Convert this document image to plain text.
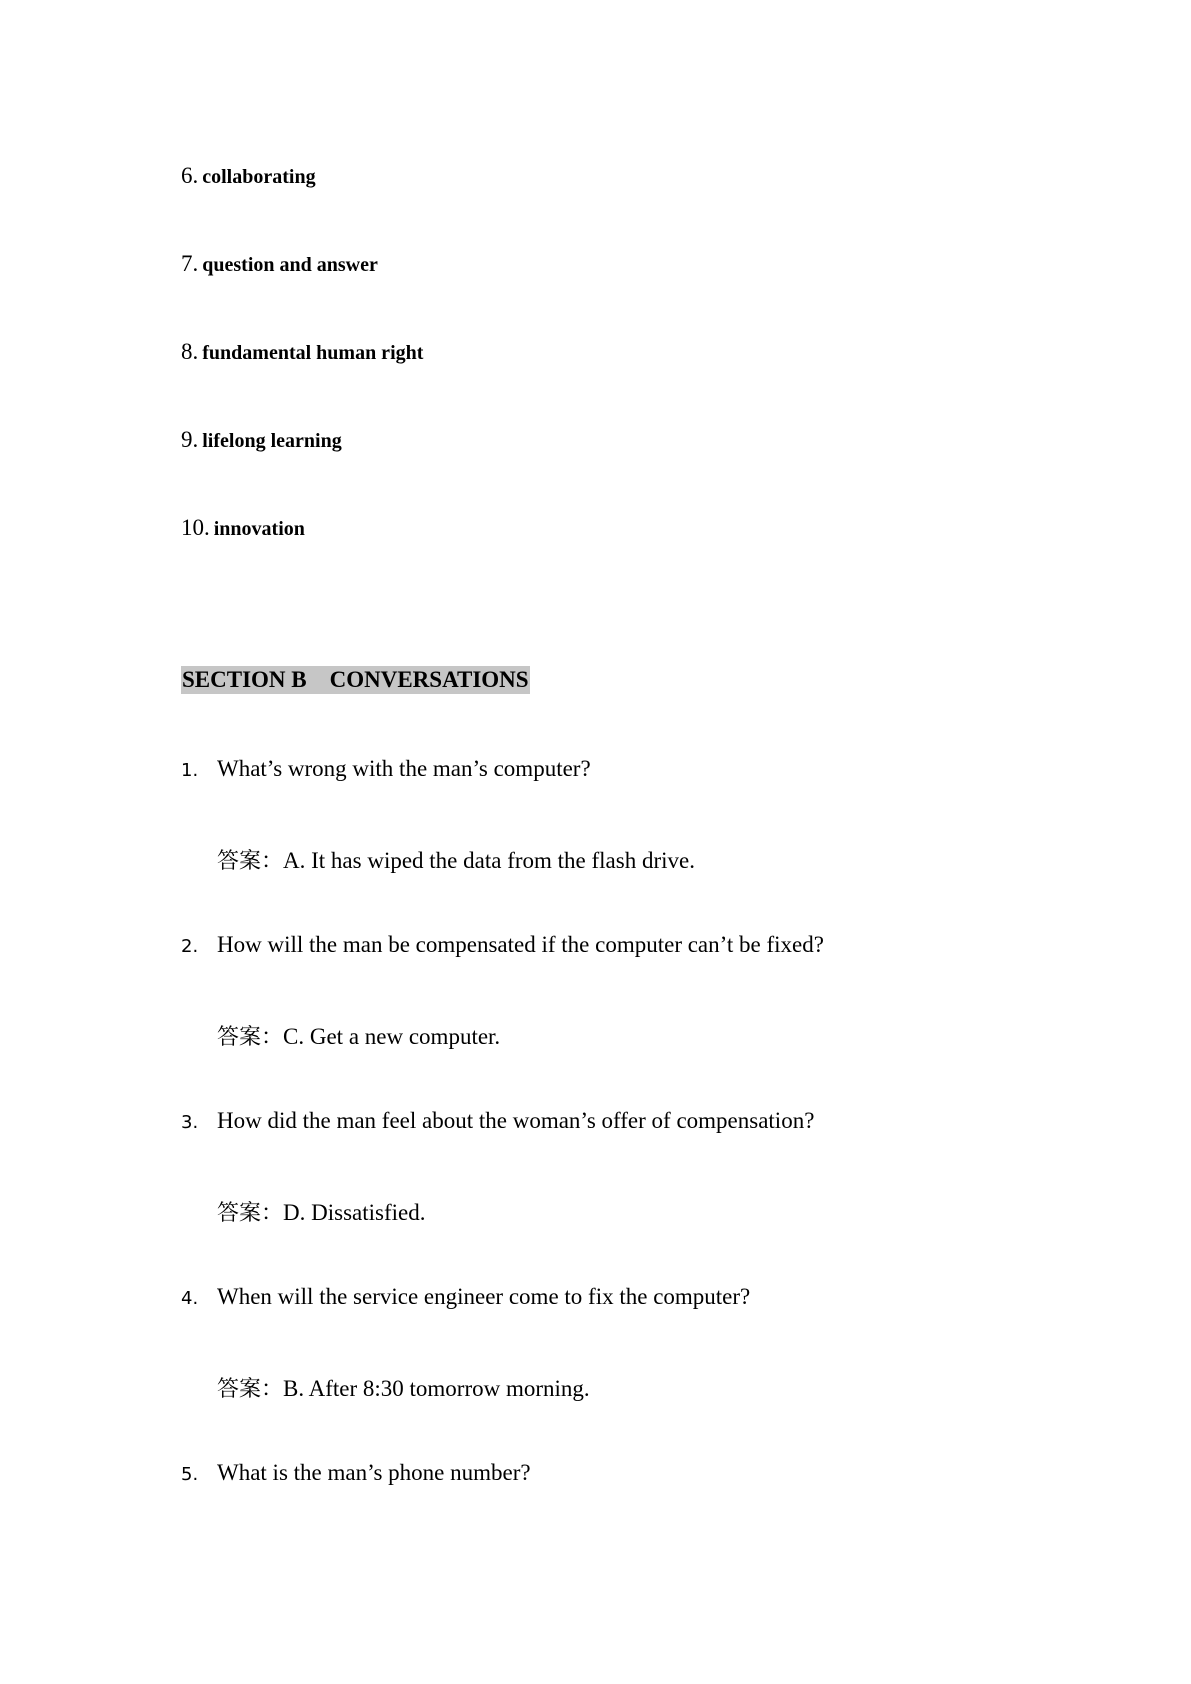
6. collaborating
7. question and answer
8. fundamental human right
9. lifelong learning
10. innovation
SECTION B    CONVERSATIONS
1. What’s wrong with the man’s computer?
答案：A. It has wiped the data from the flash drive.
2. How will the man be compensated if the computer can’t be fixed?
答案：C. Get a new computer.
3. How did the man feel about the woman’s offer of compensation?
答案：D. Dissatisfied.
4. When will the service engineer come to fix the computer?
答案：B. After 8:30 tomorrow morning.
5. What is the man’s phone number?
